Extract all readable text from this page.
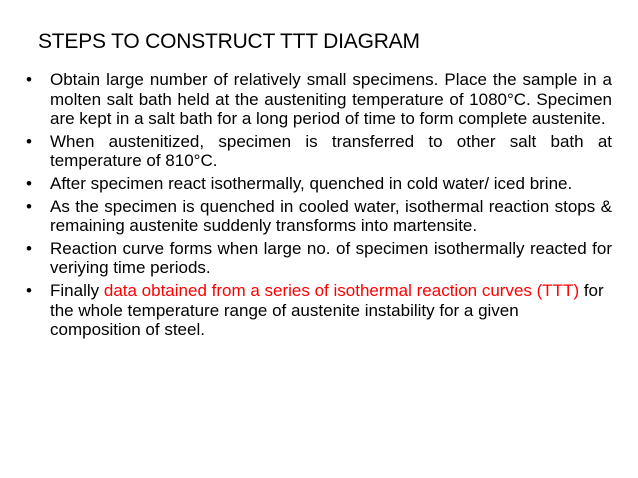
STEPS TO CONSTRUCT TTT DIAGRAM
• Obtain large number of relatively small specimens. Place the sample in a molten salt bath held at the austeniting temperature of 1080°C. Specimen are kept in a salt bath for a long period of time to form complete austenite.
• When austenitized, specimen is transferred to other salt bath at temperature of 810°C.
• After specimen react isothermally, quenched in cold water/ iced brine.
• As the specimen is quenched in cooled water, isothermal reaction stops & remaining austenite suddenly transforms into martensite.
• Reaction curve forms when large no. of specimen isothermally reacted for veriying time periods.
• Finally data obtained from a series of isothermal reaction curves (TTT) for the whole temperature range of austenite instability for a given composition of steel.
